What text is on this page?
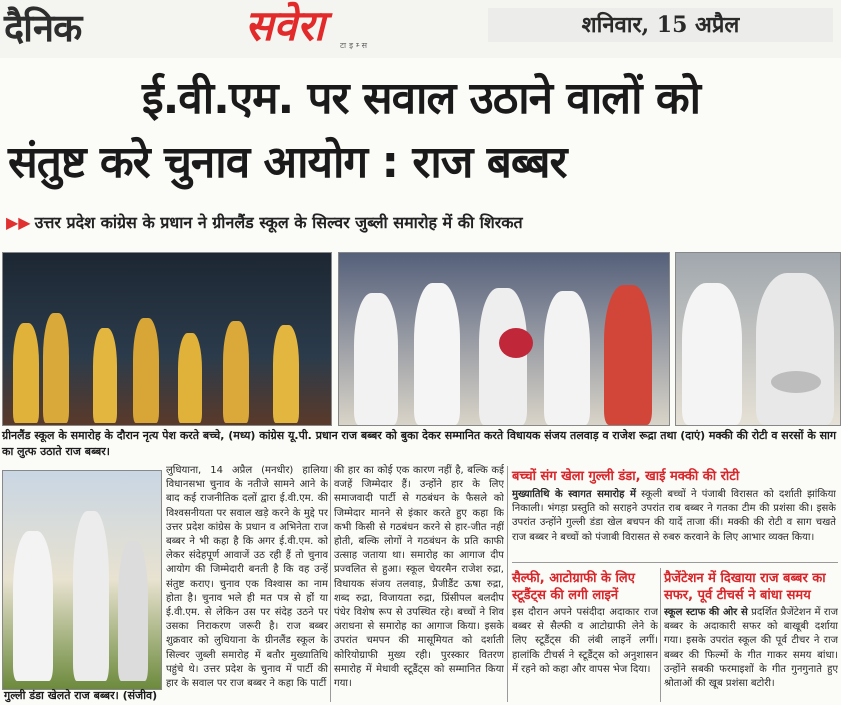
दैनिक	सवेरा टाइम्स
शनिवार, 15 अप्रैल
ई.वी.एम. पर सवाल उठाने वालों को
संतुष्ट करे चुनाव आयोग : राज बब्बर
▶▶ उत्तर प्रदेश कांग्रेस के प्रधान ने ग्रीनलैंड स्कूल के सिल्वर जुब्ली समारोह में की शिरकत
ग्रीनलैंड स्कूल के समारोह के दौरान नृत्य पेश करते बच्चे, (मध्य) कांग्रेस यू.पी. प्रधान राज बब्बर को बुका देकर सम्मानित करते विधायक संजय तलवाड़ व राजेश रूद्रा तथा (दाएं) मक्की की रोटी व सरसों के साग का लुत्फ उठाते राज बब्बर।
गुल्ली डंडा खेलते राज बब्बर। (संजीव)
लुधियाना, 14 अप्रैल (मनधीर) हालिया विधानसभा चुनाव के नतीजे सामने आने के बाद कई राजनीतिक दलों द्वारा ई.वी.एम. की विश्वसनीयता पर सवाल खड़े करने के मुद्दे पर उत्तर प्रदेश कांग्रेस के प्रधान व अभिनेता राज बब्बर ने भी कहा है कि अगर ई.वी.एम. को लेकर संदेहपूर्ण आवाजें उठ रही हैं तो चुनाव आयोग की जिम्मेदारी बनती है कि वह उन्हें संतुष्ट कराए। चुनाव एक विश्वास का नाम होता है। चुनाव भले ही मत पत्र से होंं या ई.वी.एम. से लेकिन उस पर संदेह उठने पर उसका निराकरण जरूरी है। राज बब्बर शुक्रवार को लुधियाना के ग्रीनलैंड स्कूल के सिल्वर जुब्ली समारोह में बतौर मुख्यातिथि पहुंचे थे। उत्तर प्रदेश के चुनाव में पार्टी की हार के सवाल पर राज बब्बर ने कहा कि पार्टी
की हार का कोई एक कारण नहीं है, बल्कि कई वजहें जिम्मेदार हैं। उन्होंने हार के लिए समाजवादी पार्टी से गठबंधन के फैसले को जिम्मेदार मानने से इंकार करते हुए कहा कि कभी किसी से गठबंधन करने से हार-जीत नहीं होती, बल्कि लोगों ने गठबंधन के प्रति काफी उत्साह जताया था। समारोह का आगाज दीप प्रज्वलित से हुआ। स्कूल चेयरमैन राजेश रुद्रा, विधायक संजय तलवाड़, प्रैजीडैंट ऊषा रुद्रा, शब्द रुद्रा, विजायता रुद्रा, प्रिंसीपल बलदीप पंधेर विशेष रूप से उपस्थित रहे। बच्चों ने शिव अराधना से समारोह का आगाज किया। इसके उपरांत चमपन की मासूमियत को दर्शाती कोरियोग्राफी मुख्य रही। पुरस्कार वितरण समारोह में मेधावी स्टूडैंट्स को सम्मानित किया गया।
बच्चों संग खेला गुल्ली डंडा, खाई मक्की की रोटी
मुख्यातिथि के स्वागत समारोह में स्कूली बच्चों ने पंजाबी विरासत को दर्शाती झांकिया निकाली। भंगड़ा प्रस्तुति को सराहने उपरांत राब बब्बर ने गतका टीम की प्रशंसा की। इसके उपरांत उन्होंने गुल्ली डंडा खेल बचपन की यादें ताजा कीं। मक्की की रोटी व साग चखते राज बब्बर ने बच्चों को पंजाबी विरासत से रुबरु करवाने के लिए आभार व्यक्त किया।
सैल्फी, आटोग्राफी के लिए स्टूडैंट्स की लगी लाइनें
इस दौरान अपने पसंदीदा अदाकार राज बब्बर से सैल्फी व आटोग्राफी लेने के लिए स्टूडैंट्स की लंबी लाइनें लगीं। हालांकि टीचर्स ने स्टूडैंट्स को अनुशासन में रहने को कहा और वापस भेज दिया।
प्रैजेंटेशन में दिखाया राज बब्बर का सफर, पूर्व टीचर्स ने बांधा समय
स्कूल स्टाफ की ओर से प्रदर्शित प्रैजेंटेशन में राज बब्बर के अदाकारी सफर को बाखूबी दर्शाया गया। इसके उपरांत स्कूल की पूर्व टीचर ने राज बब्बर की फिल्मों के गीत गाकर समय बांधा। उन्होंने सबकी फरमाइशों के गीत गुनगुनाते हुए श्रोताओं की खूब प्रशंसा बटोरी।
